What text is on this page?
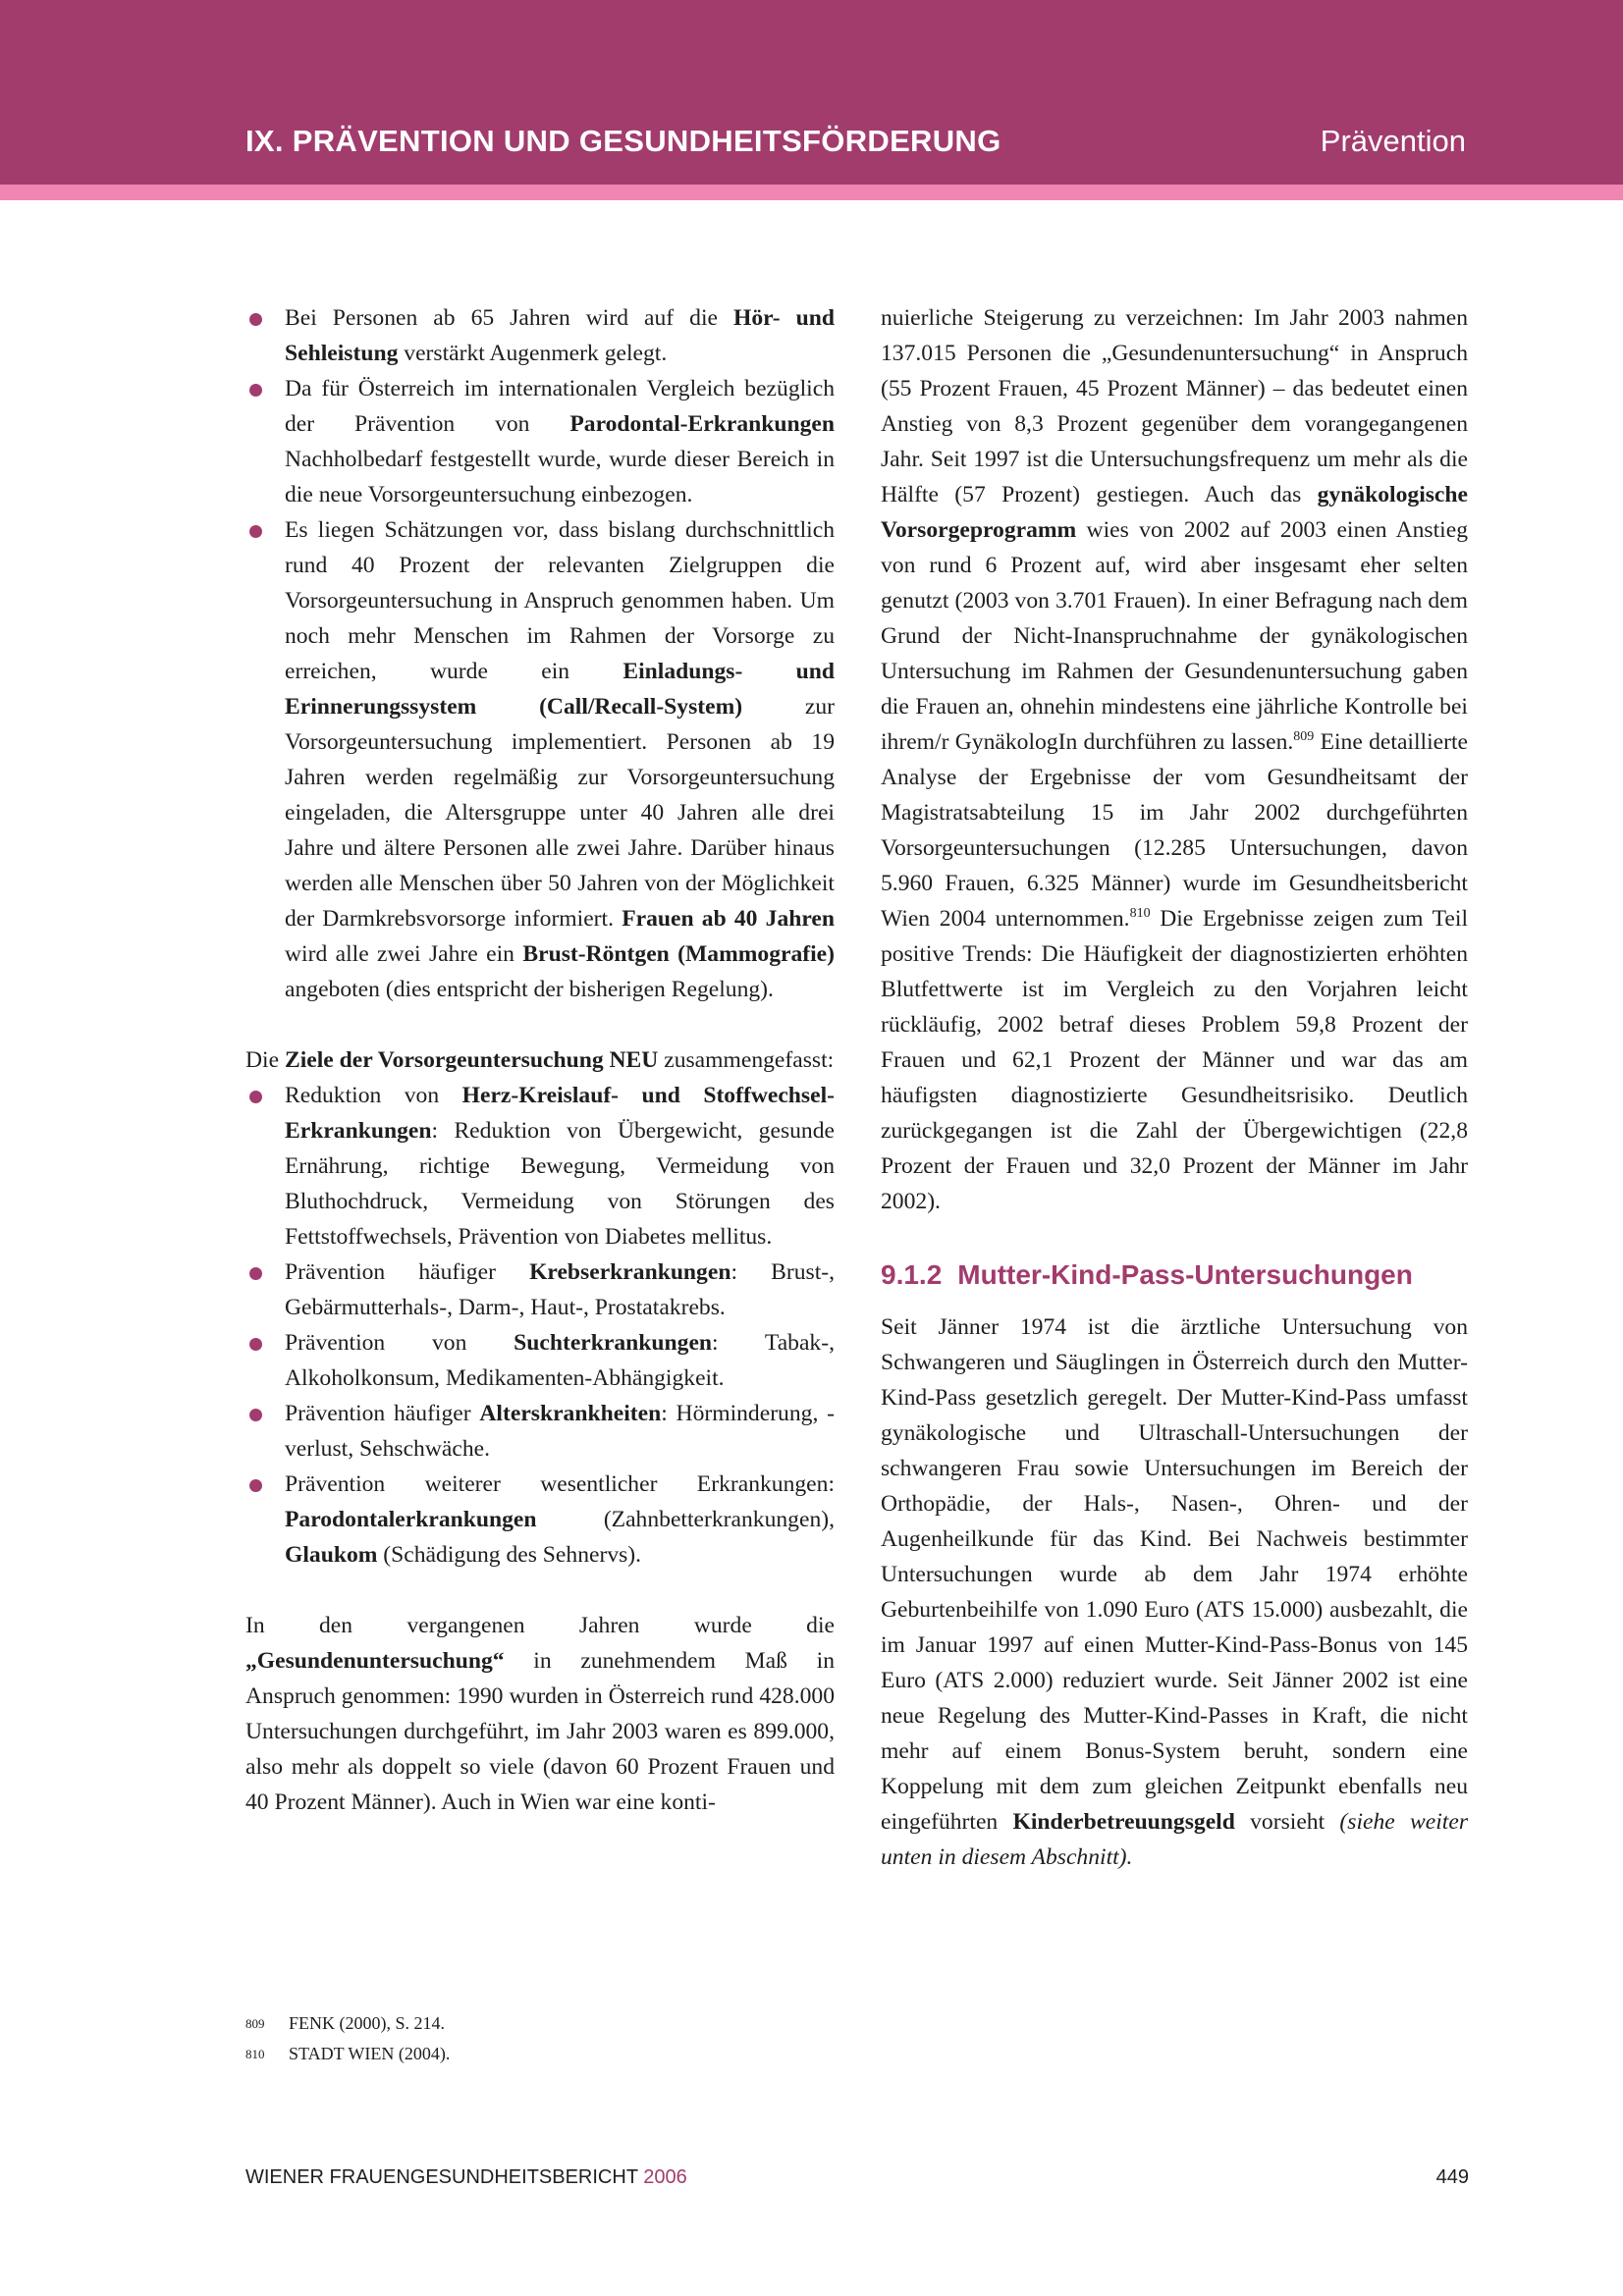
IX. PRÄVENTION UND GESUNDHEITSFÖRDERUNG	Prävention
Bei Personen ab 65 Jahren wird auf die Hör- und Sehleistung verstärkt Augenmerk gelegt.
Da für Österreich im internationalen Vergleich bezüglich der Prävention von Parodontal-Erkrankungen Nachholbedarf festgestellt wurde, wurde dieser Bereich in die neue Vorsorgeuntersuchung einbezogen.
Es liegen Schätzungen vor, dass bislang durchschnittlich rund 40 Prozent der relevanten Zielgruppen die Vorsorgeuntersuchung in Anspruch genommen haben. Um noch mehr Menschen im Rahmen der Vorsorge zu erreichen, wurde ein Einladungs- und Erinnerungssystem (Call/Recall-System) zur Vorsorgeuntersuchung implementiert. Personen ab 19 Jahren werden regelmäßig zur Vorsorgeuntersuchung eingeladen, die Altersgruppe unter 40 Jahren alle drei Jahre und ältere Personen alle zwei Jahre. Darüber hinaus werden alle Menschen über 50 Jahren von der Möglichkeit der Darmkrebsvorsorge informiert. Frauen ab 40 Jahren wird alle zwei Jahre ein Brust-Röntgen (Mammografie) angeboten (dies entspricht der bisherigen Regelung).

Die Ziele der Vorsorgeuntersuchung NEU zusammengefasst:

Reduktion von Herz-Kreislauf- und Stoffwechsel-Erkrankungen: Reduktion von Übergewicht, gesunde Ernährung, richtige Bewegung, Vermeidung von Bluthochdruck, Vermeidung von Störungen des Fettstoffwechsels, Prävention von Diabetes mellitus.
Prävention häufiger Krebserkrankungen: Brust-, Gebärmutterhals-, Darm-, Haut-, Prostatakrebs.
Prävention von Suchterkrankungen: Tabak-, Alkoholkonsum, Medikamenten-Abhängigkeit.
Prävention häufiger Alterskrankheiten: Hörminderung, -verlust, Sehschwäche.
Prävention weiterer wesentlicher Erkrankungen: Parodontalerkrankungen (Zahnbetterkrankungen), Glaukom (Schädigung des Sehnervs).

In den vergangenen Jahren wurde die „Gesundenuntersuchung“ in zunehmendem Maß in Anspruch genommen: 1990 wurden in Österreich rund 428.000 Untersuchungen durchgeführt, im Jahr 2003 waren es 899.000, also mehr als doppelt so viele (davon 60 Prozent Frauen und 40 Prozent Männer). Auch in Wien war eine konti-

nuierliche Steigerung zu verzeichnen: Im Jahr 2003 nahmen 137.015 Personen die „Gesundenuntersuchung“ in Anspruch (55 Prozent Frauen, 45 Prozent Männer) – das bedeutet einen Anstieg von 8,3 Prozent gegenüber dem vorangegangenen Jahr. Seit 1997 ist die Untersuchungsfrequenz um mehr als die Hälfte (57 Prozent) gestiegen. Auch das gynäkologische Vorsorgeprogramm wies von 2002 auf 2003 einen Anstieg von rund 6 Prozent auf, wird aber insgesamt eher selten genutzt (2003 von 3.701 Frauen). In einer Befragung nach dem Grund der Nicht-Inanspruchnahme der gynäkologischen Untersuchung im Rahmen der Gesundenuntersuchung gaben die Frauen an, ohnehin mindestens eine jährliche Kontrolle bei ihrem/r GynäkologIn durchführen zu lassen.$^{809}$ Eine detaillierte Analyse der Ergebnisse der vom Gesundheitsamt der Magistratsabteilung 15 im Jahr 2002 durchgeführten Vorsorgeuntersuchungen (12.285 Untersuchungen, davon 5.960 Frauen, 6.325 Männer) wurde im Gesundheitsbericht Wien 2004 unternommen.$^{810}$ Die Ergebnisse zeigen zum Teil positive Trends: Die Häufigkeit der diagnostizierten erhöhten Blutfettwerte ist im Vergleich zu den Vorjahren leicht rückläufig, 2002 betraf dieses Problem 59,8 Prozent der Frauen und 62,1 Prozent der Männer und war das am häufigsten diagnostizierte Gesundheitsrisiko. Deutlich zurückgegangen ist die Zahl der Übergewichtigen (22,8 Prozent der Frauen und 32,0 Prozent der Männer im Jahr 2002).

9.1.2 Mutter-Kind-Pass-Untersuchungen

Seit Jänner 1974 ist die ärztliche Untersuchung von Schwangeren und Säuglingen in Österreich durch den Mutter-Kind-Pass gesetzlich geregelt. Der Mutter-Kind-Pass umfasst gynäkologische und Ultraschall-Untersuchungen der schwangeren Frau sowie Untersuchungen im Bereich der Orthopädie, der Hals-, Nasen-, Ohren- und der Augenheilkunde für das Kind. Bei Nachweis bestimmter Untersuchungen wurde ab dem Jahr 1974 erhöhte Geburtenbeihilfe von 1.090 Euro (ATS 15.000) ausbezahlt, die im Januar 1997 auf einen Mutter-Kind-Pass-Bonus von 145 Euro (ATS 2.000) reduziert wurde. Seit Jänner 2002 ist eine neue Regelung des Mutter-Kind-Passes in Kraft, die nicht mehr auf einem Bonus-System beruht, sondern eine Koppelung mit dem zum gleichen Zeitpunkt ebenfalls neu eingeführten Kinderbetreuungsgeld vorsieht (siehe weiter unten in diesem Abschnitt).

809 FENK (2000), S. 214.
810 STADT WIEN (2004).
WIENER FRAUENGESUNDHEITSBERICHT 2006	449
